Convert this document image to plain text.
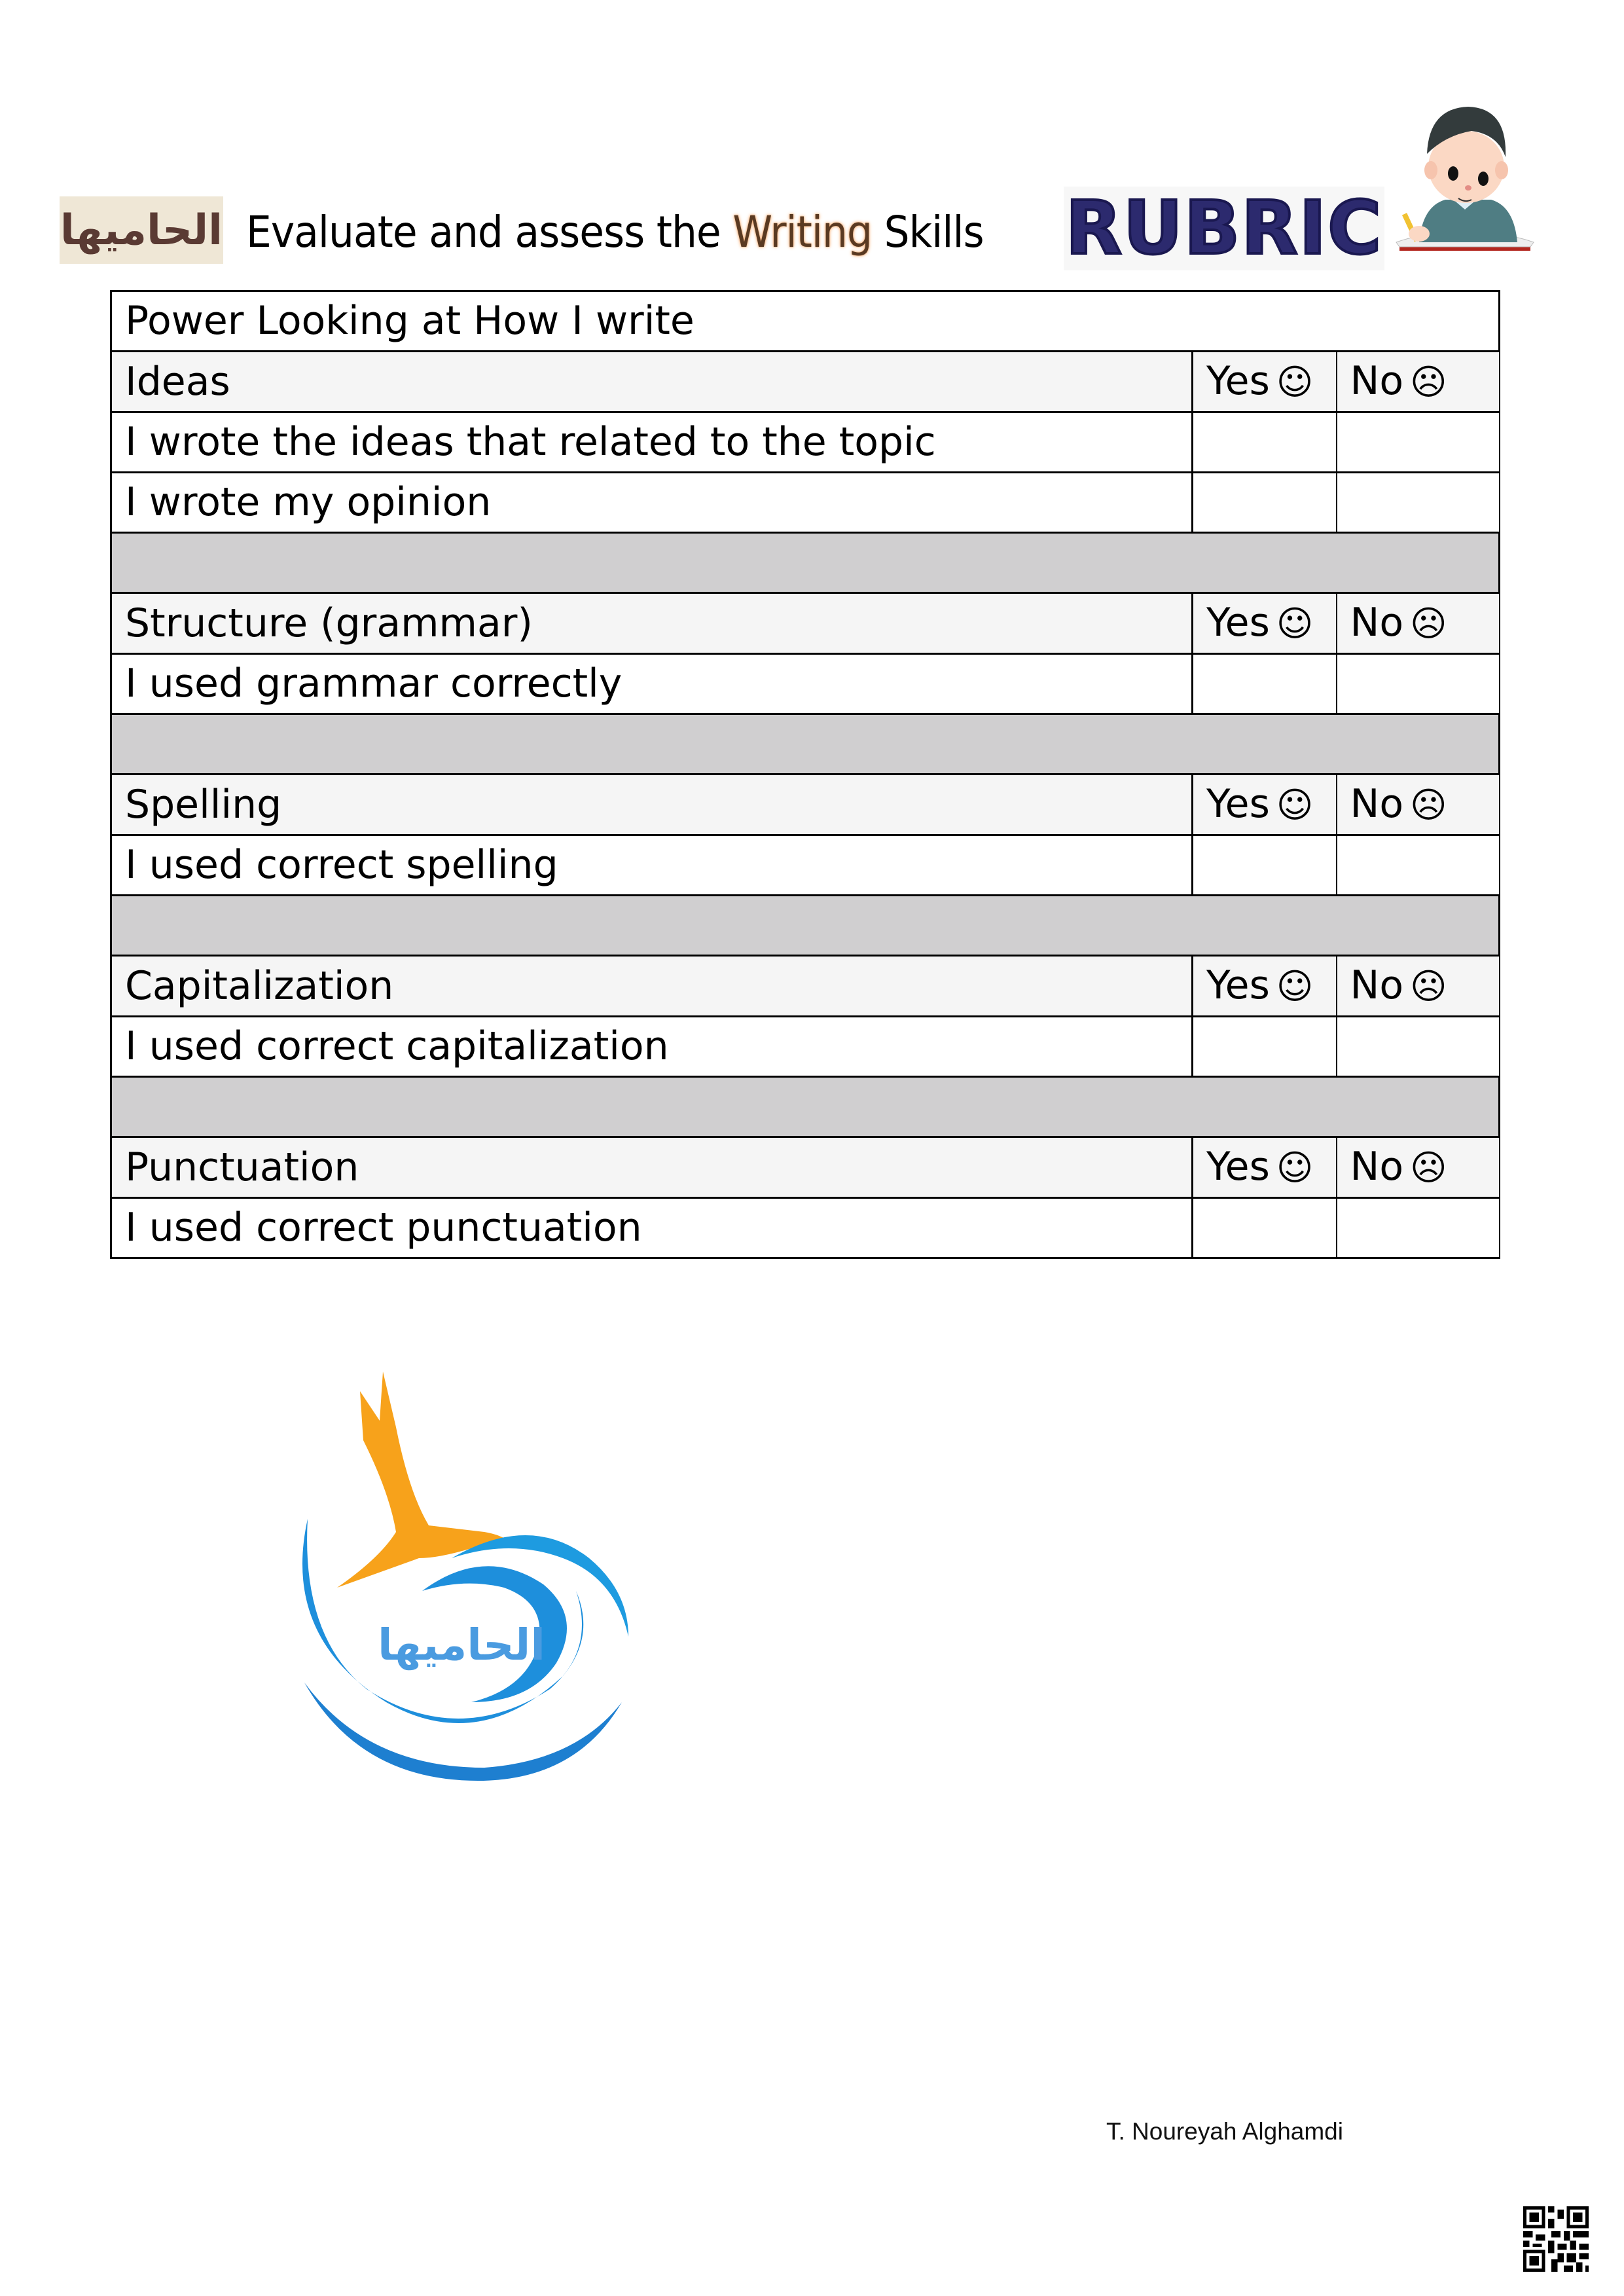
الحاميها Evaluate and assess the Writing Skills RUBRIC
Power Looking at How I write		
Ideas	Yes ☺	No ☹
I wrote the ideas that related to the topic		
I wrote my opinion		

Structure (grammar)	Yes ☺	No ☹
I used grammar correctly		

Spelling	Yes ☺	No ☹
I used correct spelling		

Capitalization	Yes ☺	No ☹
I used correct capitalization		

Punctuation	Yes ☺	No ☹
I used correct punctuation		
الحاميها
T. Noureyah Alghamdi
